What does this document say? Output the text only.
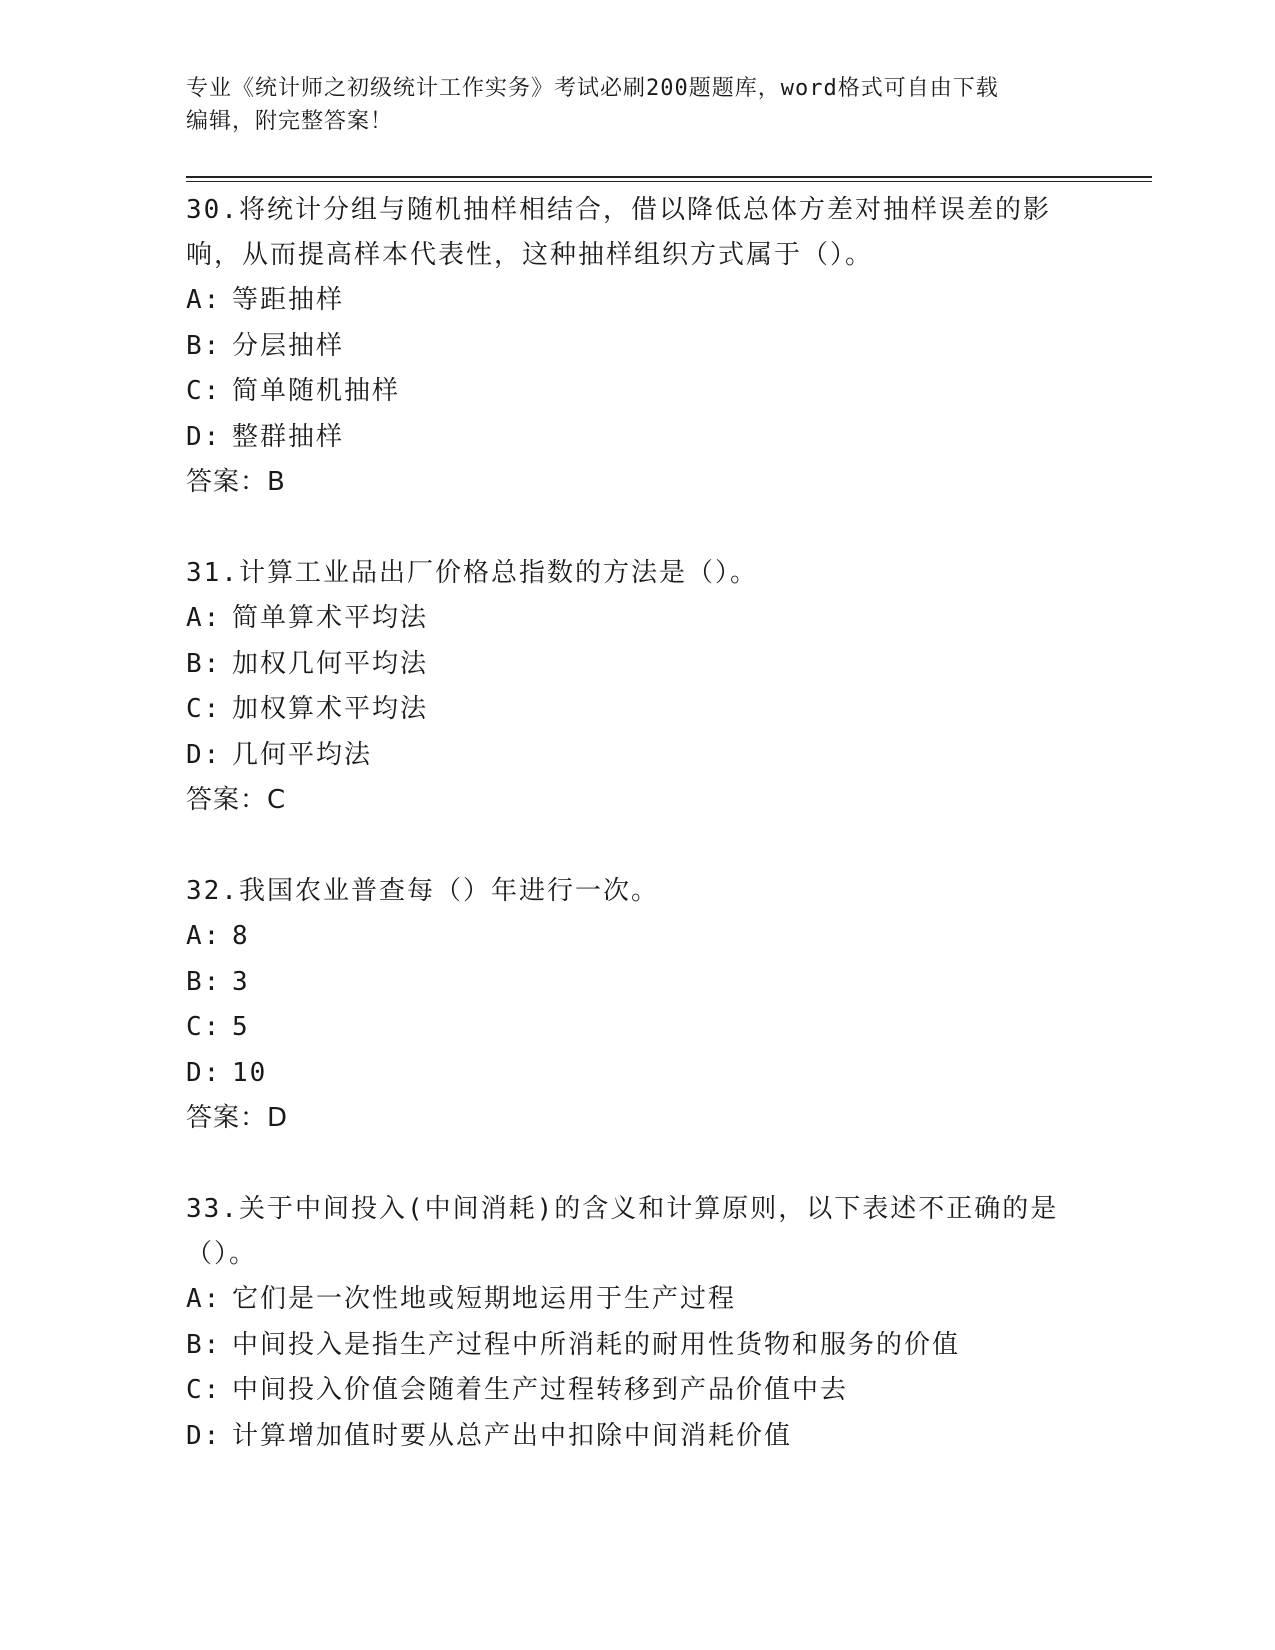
专业《统计师之初级统计工作实务》考试必刷200题题库，word格式可自由下载
编辑，附完整答案！

30.将统计分组与随机抽样相结合，借以降低总体方差对抽样误差的影

响，从而提高样本代表性，这种抽样组织方式属于（）。

A: 等距抽样

B: 分层抽样

C: 简单随机抽样

D: 整群抽样

答案：B

31.计算工业品出厂价格总指数的方法是（）。

A: 简单算术平均法

B: 加权几何平均法

C: 加权算术平均法

D: 几何平均法

答案：C

32.我国农业普查每（）年进行一次。

A: 8

B: 3

C: 5

D: 10

答案：D

33.关于中间投入(中间消耗)的含义和计算原则，以下表述不正确的是

（）。

A: 它们是一次性地或短期地运用于生产过程

B: 中间投入是指生产过程中所消耗的耐用性货物和服务的价值

C: 中间投入价值会随着生产过程转移到产品价值中去

D: 计算增加值时要从总产出中扣除中间消耗价值
